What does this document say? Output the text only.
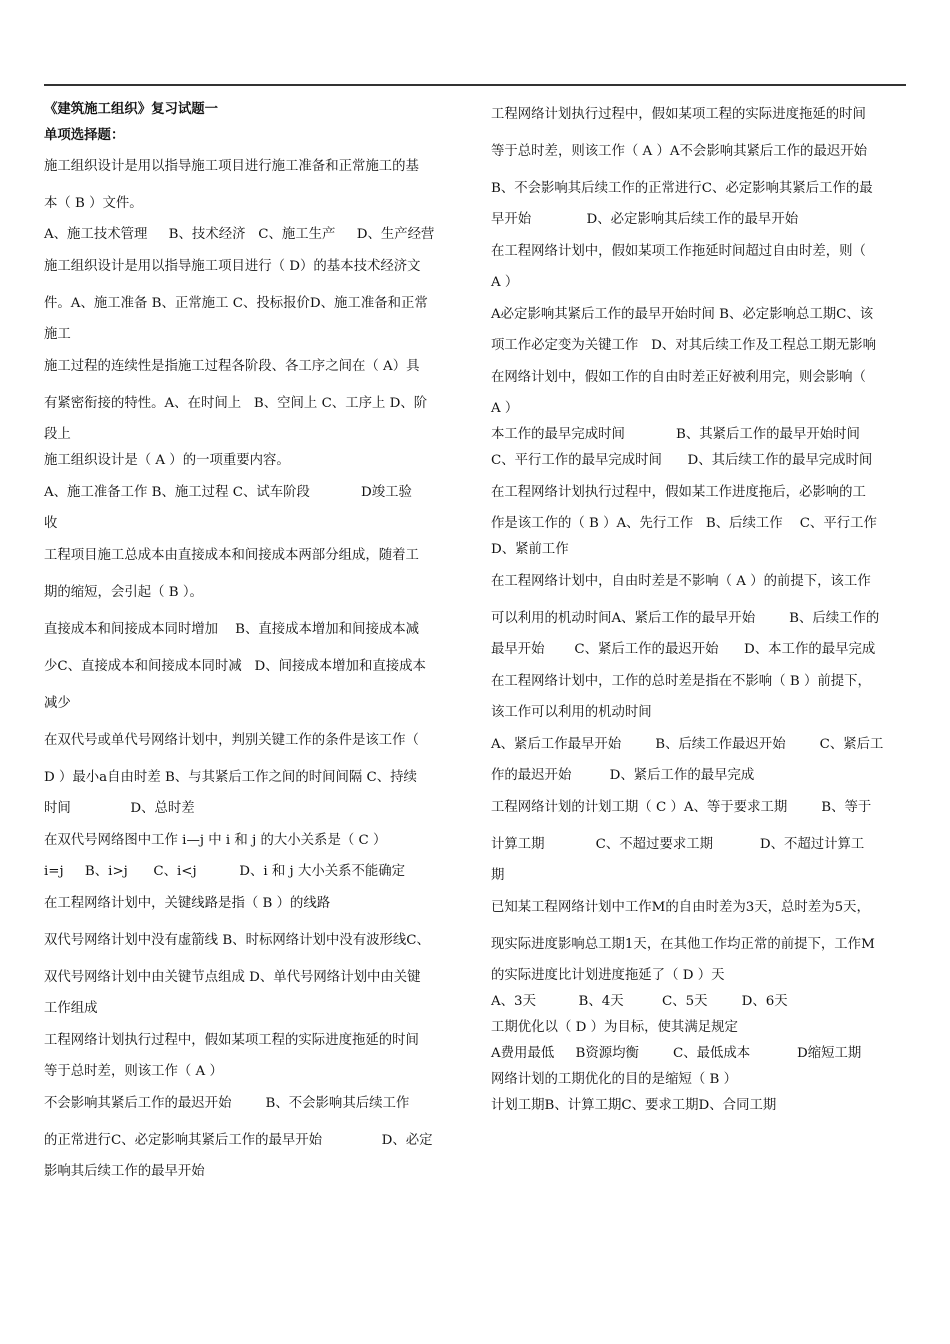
《建筑施工组织》复习试题一
单项选择题：
施工组织设计是用以指导施工项目进行施工准备和正常施工的基
本（ B ）文件。
A、施工技术管理     B、技术经济   C、施工生产     D、生产经营
施工组织设计是用以指导施工项目进行（ D）的基本技术经济文
件。A、施工准备 B、正常施工 C、投标报价D、施工准备和正常
施工
施工过程的连续性是指施工过程各阶段、各工序之间在（ A）具
有紧密衔接的特性。A、在时间上   B、空间上 C、工序上 D、阶
段上
施工组织设计是（ A ）的一项重要内容。
A、施工准备工作 B、施工过程 C、试车阶段            D竣工验
收
工程项目施工总成本由直接成本和间接成本两部分组成，随着工
期的缩短，会引起（ B ）。
直接成本和间接成本同时增加    B、直接成本增加和间接成本减
少C、直接成本和间接成本同时减   D、间接成本增加和直接成本
减少
在双代号或单代号网络计划中，判别关键工作的条件是该工作（
D ）最小a自由时差 B、与其紧后工作之间的时间间隔 C、持续
时间              D、总时差
在双代号网络图中工作 i—j 中 i 和 j 的大小关系是（ C ）
i=j     B、i>j      C、i<j          D、i 和 j 大小关系不能确定
在工程网络计划中，关键线路是指（ B ）的线路
双代号网络计划中没有虚箭线 B、时标网络计划中没有波形线C、
双代号网络计划中由关键节点组成 D、单代号网络计划中由关键
工作组成
工程网络计划执行过程中，假如某项工程的实际进度拖延的时间
等于总时差，则该工作（ A ）
不会影响其紧后工作的最迟开始        B、不会影响其后续工作
的正常进行C、必定影响其紧后工作的最早开始              D、必定
影响其后续工作的最早开始
工程网络计划执行过程中，假如某项工程的实际进度拖延的时间
等于总时差，则该工作（ A ）A不会影响其紧后工作的最迟开始
B、不会影响其后续工作的正常进行C、必定影响其紧后工作的最
早开始             D、必定影响其后续工作的最早开始
在工程网络计划中，假如某项工作拖延时间超过自由时差，则（
A ）
A必定影响其紧后工作的最早开始时间 B、必定影响总工期C、该
项工作必定变为关键工作   D、对其后续工作及工程总工期无影响
在网络计划中，假如工作的自由时差正好被利用完，则会影响（
A ）
本工作的最早完成时间            B、其紧后工作的最早开始时间
C、平行工作的最早完成时间      D、其后续工作的最早完成时间
在工程网络计划执行过程中，假如某工作进度拖后，必影响的工
作是该工作的（ B ）A、先行工作   B、后续工作    C、平行工作
D、紧前工作
在工程网络计划中，自由时差是不影响（ A ）的前提下，该工作
可以利用的机动时间A、紧后工作的最早开始        B、后续工作的
最早开始       C、紧后工作的最迟开始      D、本工作的最早完成
在工程网络计划中，工作的总时差是指在不影响（ B ）前提下，
该工作可以利用的机动时间
A、紧后工作最早开始        B、后续工作最迟开始        C、紧后工
作的最迟开始         D、紧后工作的最早完成
工程网络计划的计划工期（ C ）A、等于要求工期        B、等于
计算工期            C、不超过要求工期           D、不超过计算工
期
已知某工程网络计划中工作M的自由时差为3天，总时差为5天，
现实际进度影响总工期1天，在其他工作均正常的前提下，工作M
的实际进度比计划进度拖延了（ D ）天
A、3天          B、4天         C、5天        D、6天
工期优化以（ D ）为目标，使其满足规定
A费用最低     B资源均衡        C、最低成本           D缩短工期
网络计划的工期优化的目的是缩短（ B ）
计划工期B、计算工期C、要求工期D、合同工期
